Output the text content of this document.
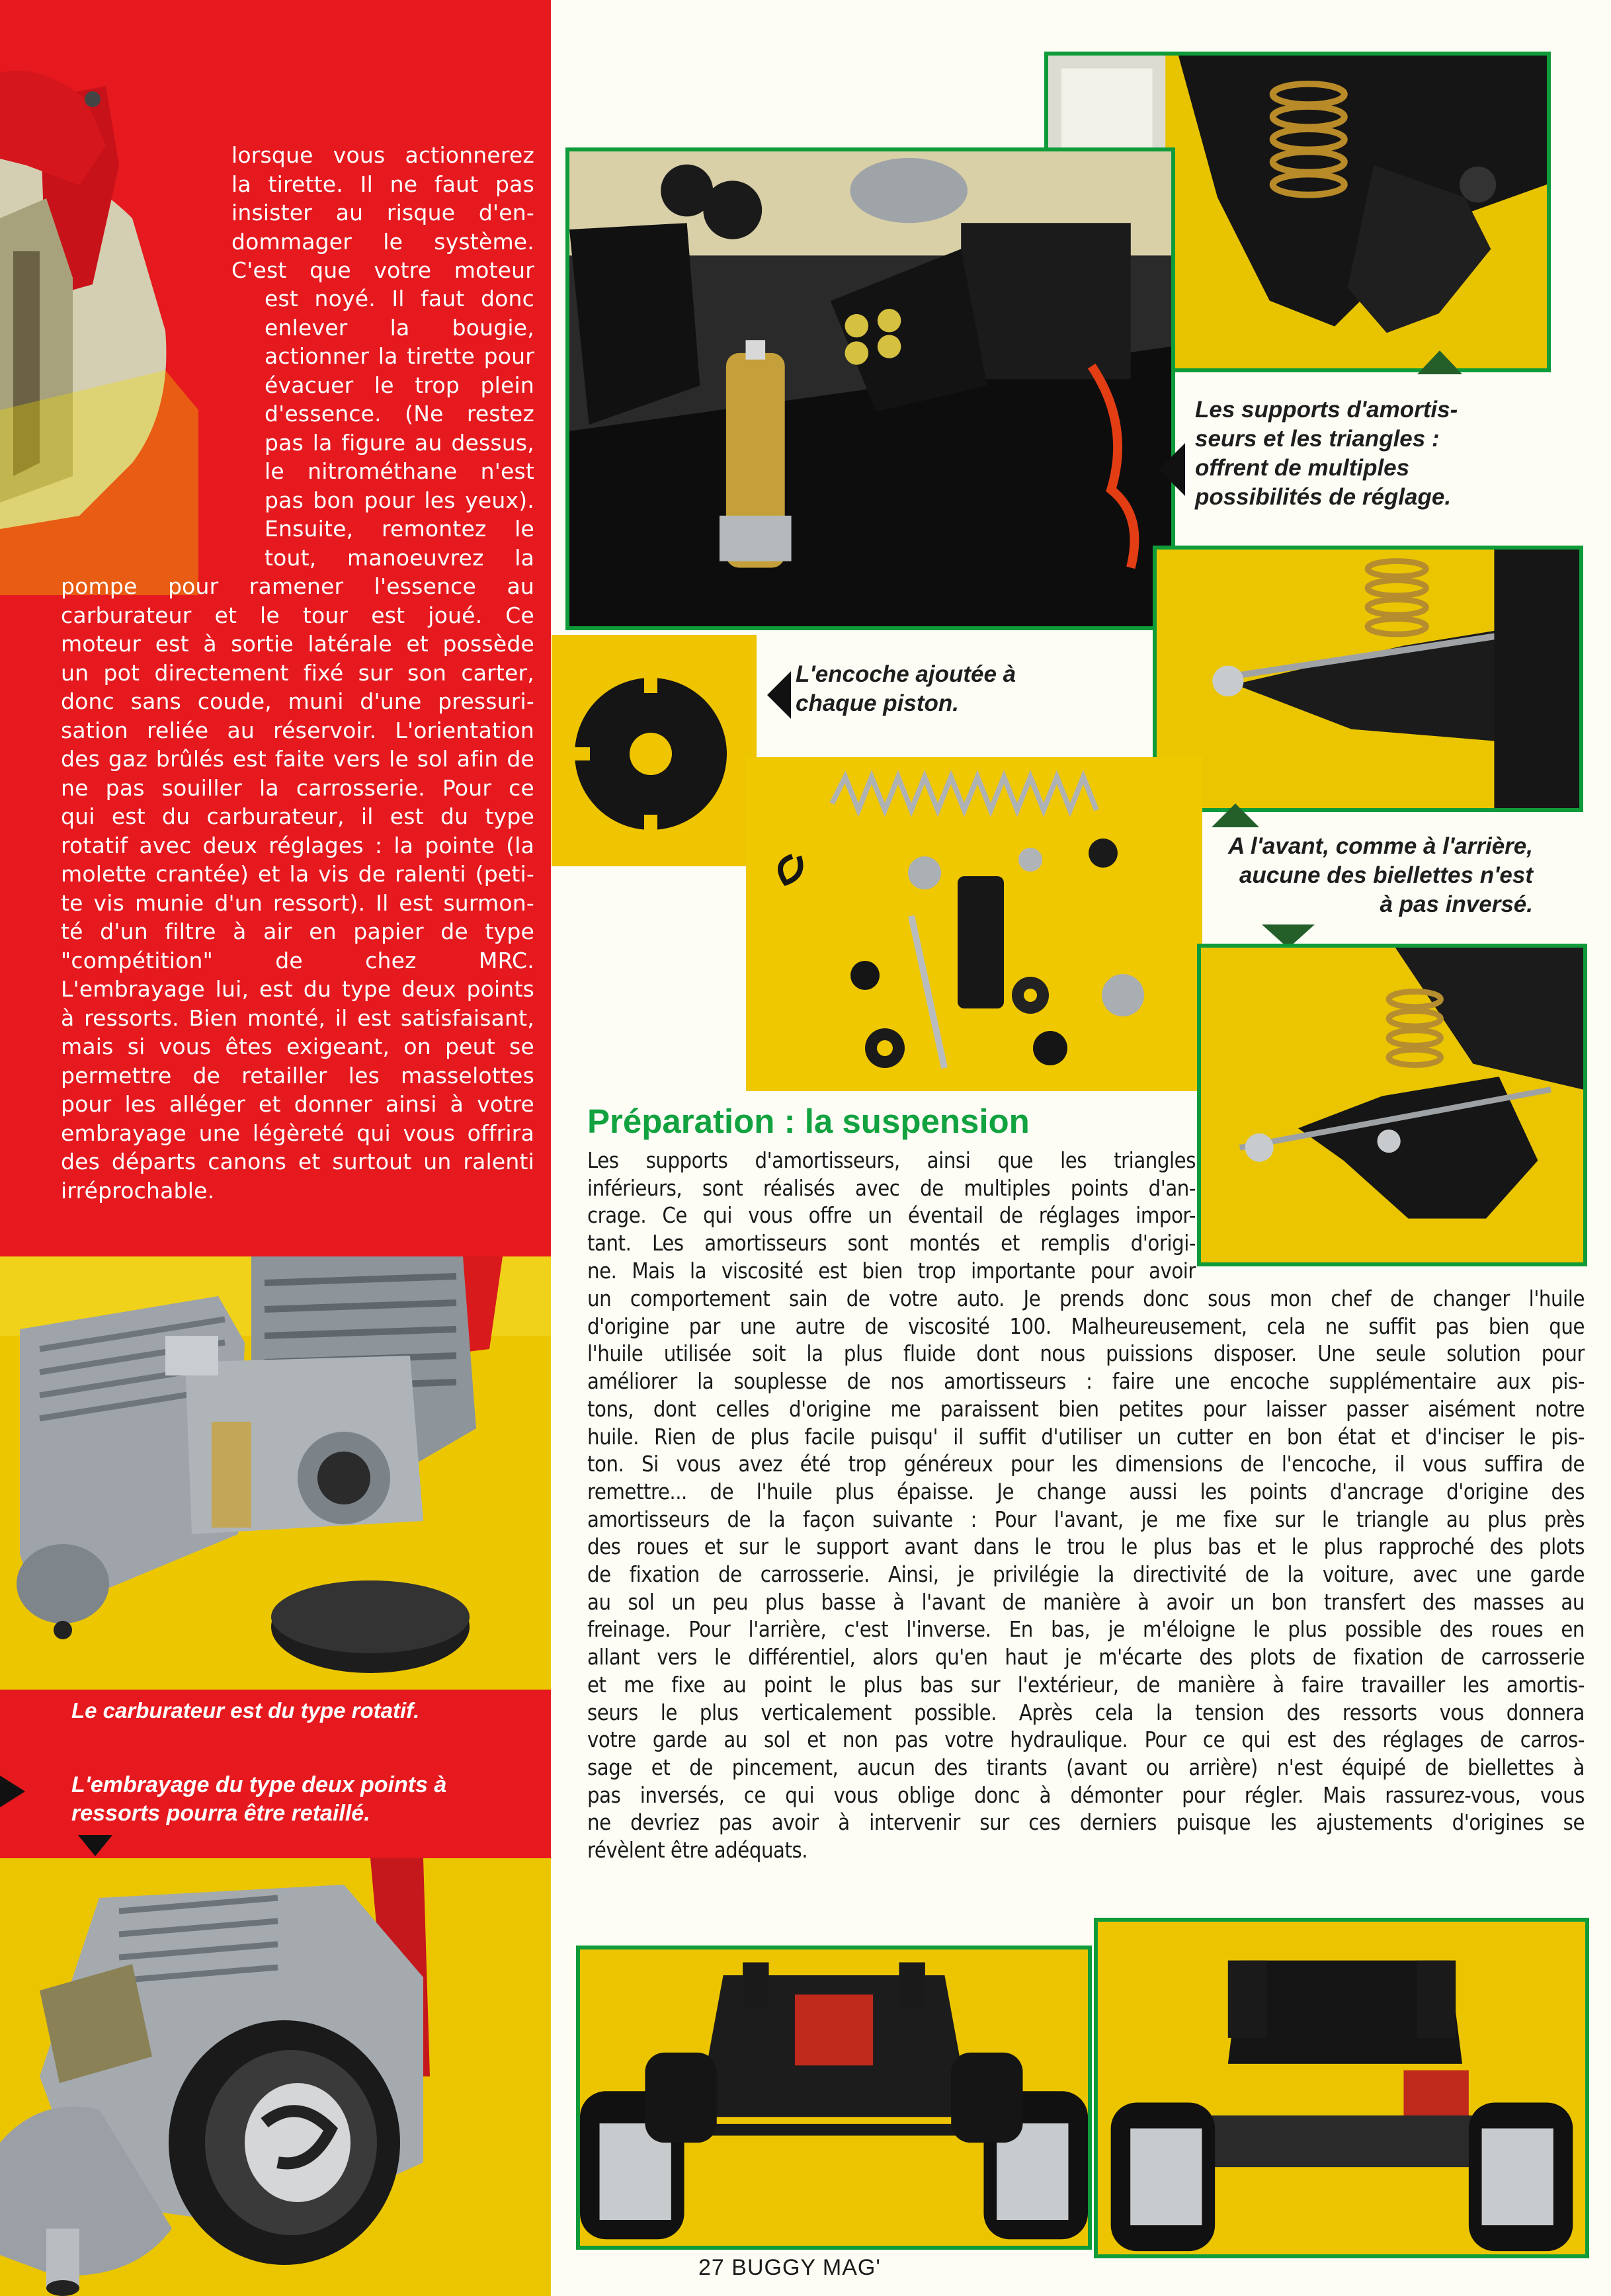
lorsque vous actionnerez
la tirette. Il ne faut pas
insister au risque d'en-
dommager le système.
C'est que votre moteur
est noyé. Il faut donc
enlever la bougie,
actionner la tirette pour
évacuer le trop plein
d'essence. (Ne restez
pas la figure au dessus,
le nitrométhane n'est
pas bon pour les yeux).
Ensuite, remontez le
tout, manoeuvrez la
pompe pour ramener l'essence au
carburateur et le tour est joué. Ce
moteur est à sortie latérale et possède
un pot directement fixé sur son carter,
donc sans coude, muni d'une pressuri-
sation reliée au réservoir. L'orientation
des gaz brûlés est faite vers le sol afin de
ne pas souiller la carrosserie. Pour ce
qui est du carburateur, il est du type
rotatif avec deux réglages : la pointe (la
molette crantée) et la vis de ralenti (peti-
te vis munie d'un ressort). Il est surmon-
té d'un filtre à air en papier de type
"compétition" de chez MRC.
L'embrayage lui, est du type deux points
à ressorts. Bien monté, il est satisfaisant,
mais si vous êtes exigeant, on peut se
permettre de retailler les masselottes
pour les alléger et donner ainsi à votre
embrayage une légèreté qui vous offrira
des départs canons et surtout un ralenti
irréprochable.
Le carburateur est du type rotatif.
L'embrayage du type deux points à
ressorts pourra être retaillé.
Les supports d'amortis-
seurs et les triangles :
offrent de multiples
possibilités de réglage.
L'encoche ajoutée à
chaque piston.
A l'avant, comme à l'arrière,
aucune des biellettes n'est
à pas inversé.
Préparation : la suspension
Les supports d'amortisseurs, ainsi que les triangles
inférieurs, sont réalisés avec de multiples points d'an-
crage. Ce qui vous offre un éventail de réglages impor-
tant. Les amortisseurs sont montés et remplis d'origi-
ne. Mais la viscosité est bien trop importante pour avoir
un comportement sain de votre auto. Je prends donc sous mon chef de changer l'huile
d'origine par une autre de viscosité 100. Malheureusement, cela ne suffit pas bien que
l'huile utilisée soit la plus fluide dont nous puissions disposer. Une seule solution pour
améliorer la souplesse de nos amortisseurs : faire une encoche supplémentaire aux pis-
tons, dont celles d'origine me paraissent bien petites pour laisser passer aisément notre
huile. Rien de plus facile puisqu' il suffit d'utiliser un cutter en bon état et d'inciser le pis-
ton. Si vous avez été trop généreux pour les dimensions de l'encoche, il vous suffira de
remettre... de l'huile plus épaisse. Je change aussi les points d'ancrage d'origine des
amortisseurs de la façon suivante : Pour l'avant, je me fixe sur le triangle au plus près
des roues et sur le support avant dans le trou le plus bas et le plus rapproché des plots
de fixation de carrosserie. Ainsi, je privilégie la directivité de la voiture, avec une garde
au sol un peu plus basse à l'avant de manière à avoir un bon transfert des masses au
freinage. Pour l'arrière, c'est l'inverse. En bas, je m'éloigne le plus possible des roues en
allant vers le différentiel, alors qu'en haut je m'écarte des plots de fixation de carrosserie
et me fixe au point le plus bas sur l'extérieur, de manière à faire travailler les amortis-
seurs le plus verticalement possible. Après cela la tension des ressorts vous donnera
votre garde au sol et non pas votre hydraulique. Pour ce qui est des réglages de carros-
sage et de pincement, aucun des tirants (avant ou arrière) n'est équipé de biellettes à
pas inversés, ce qui vous oblige donc à démonter pour régler. Mais rassurez-vous, vous
ne devriez pas avoir à intervenir sur ces derniers puisque les ajustements d'origines se
révèlent être adéquats.
27 BUGGY MAG'
